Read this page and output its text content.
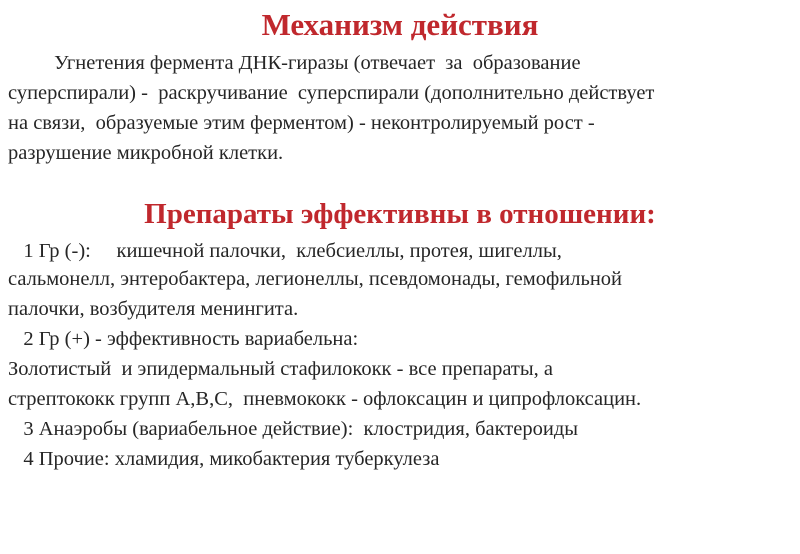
Механизм действия

Угнетения фермента ДНК-гиразы (отвечает  за  образование

суперспирали) -  раскручивание  суперспирали (дополнительно действует

на связи,  образуемые этим ферментом) - неконтролируемый рост -

разрушение микробной клетки.

Препараты эффективны в отношении:

1 Гр (-):     кишечной палочки,  клебсиеллы, протея, шигеллы,

сальмонелл, энтеробактера, легионеллы, псевдомонады, гемофильной

палочки, возбудителя менингита.

2 Гр (+) - эффективность вариабельна:

Золотистый  и эпидермальный стафилококк - все препараты, а

стрептококк групп А,В,С,  пневмококк - офлоксацин и ципрофлоксацин.

3 Анаэробы (вариабельное действие):  клостридия, бактероиды

4 Прочие: хламидия, микобактерия туберкулеза
